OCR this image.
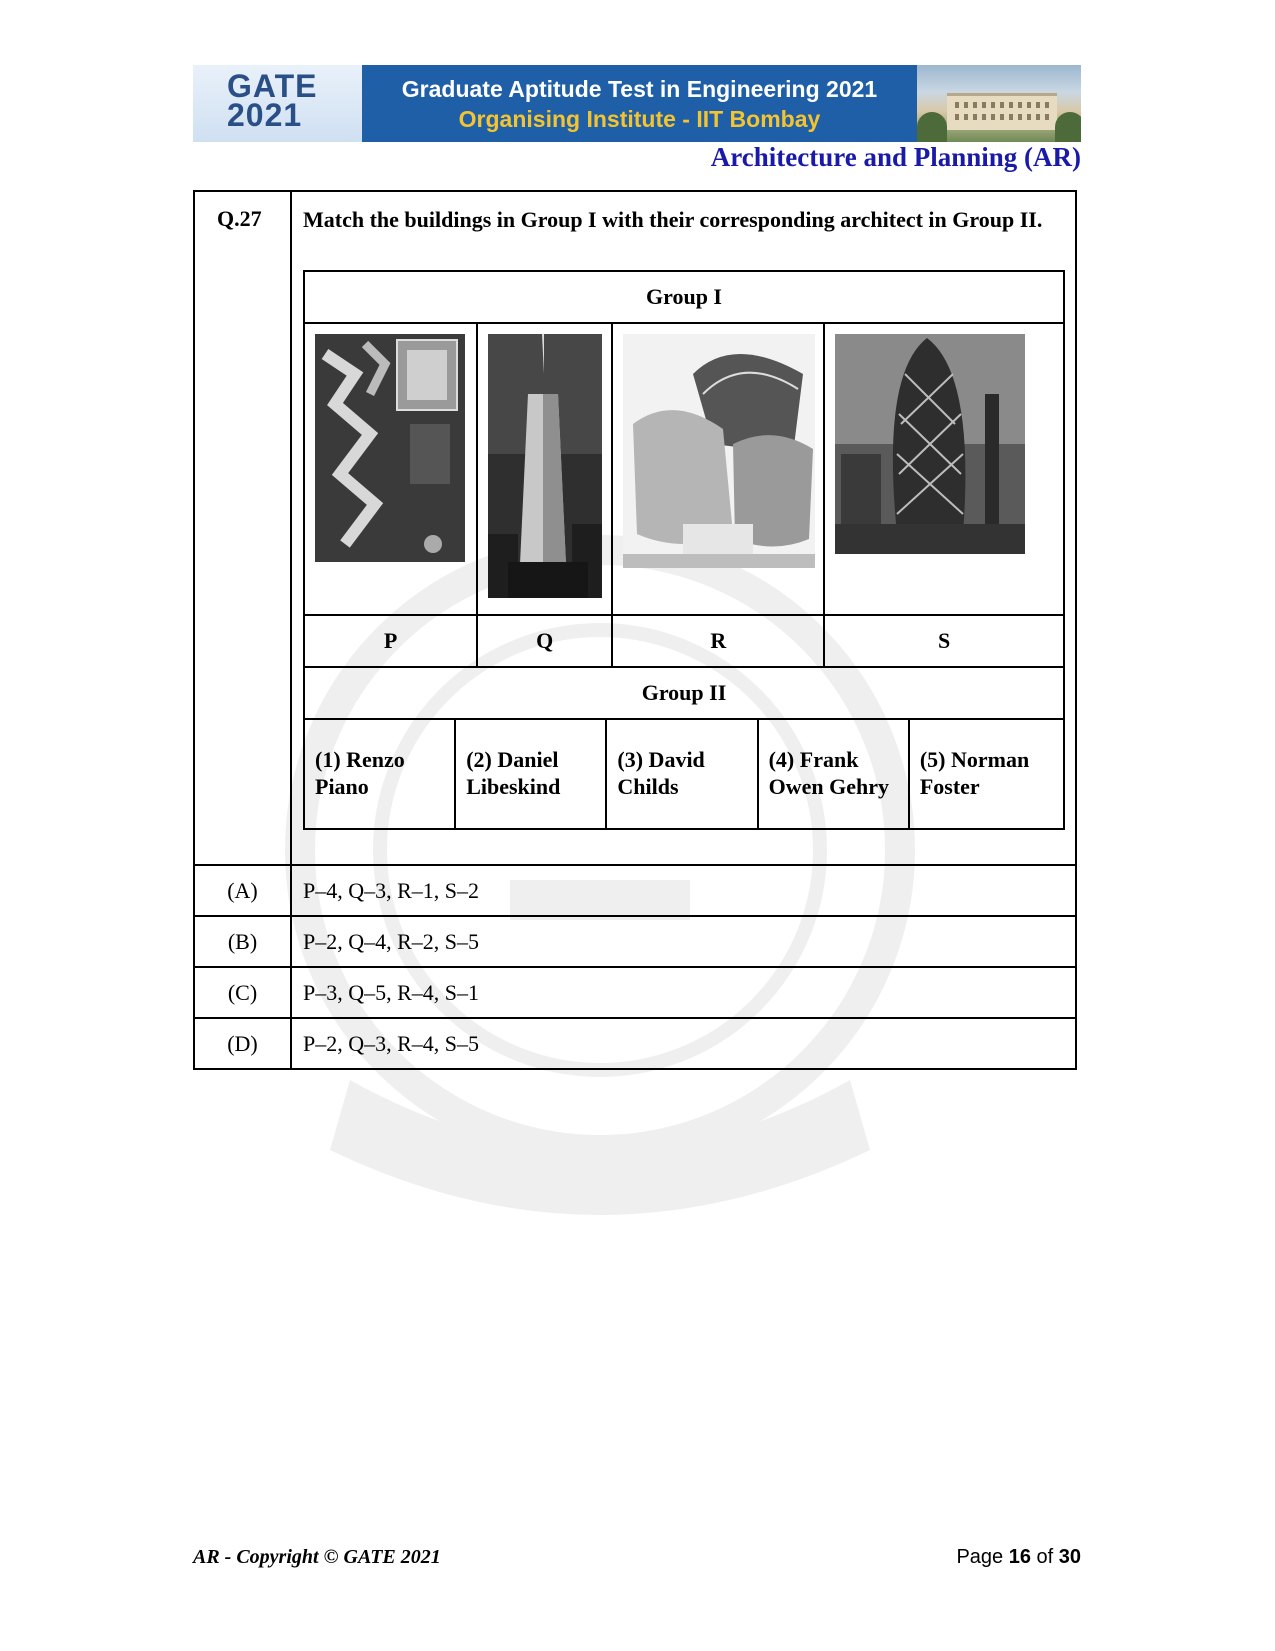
GATE
2021
Graduate Aptitude Test in Engineering 2021
Organising Institute - IIT Bombay
Architecture and Planning (AR)
Q.27 Match the buildings in Group I with their corresponding architect in Group II.
Group I
P	Q	R	S
Group II
(1) Renzo
Piano
(2) Daniel
Libeskind
(3) David
Childs
(4) Frank
Owen Gehry
(5) Norman
Foster
(A)	P–4, Q–3, R–1, S–2
(B)	P–2, Q–4, R–2, S–5
(C)	P–3, Q–5, R–4, S–1
(D)	P–2, Q–3, R–4, S–5
AR - Copyright © GATE 2021	Page 16 of 30
